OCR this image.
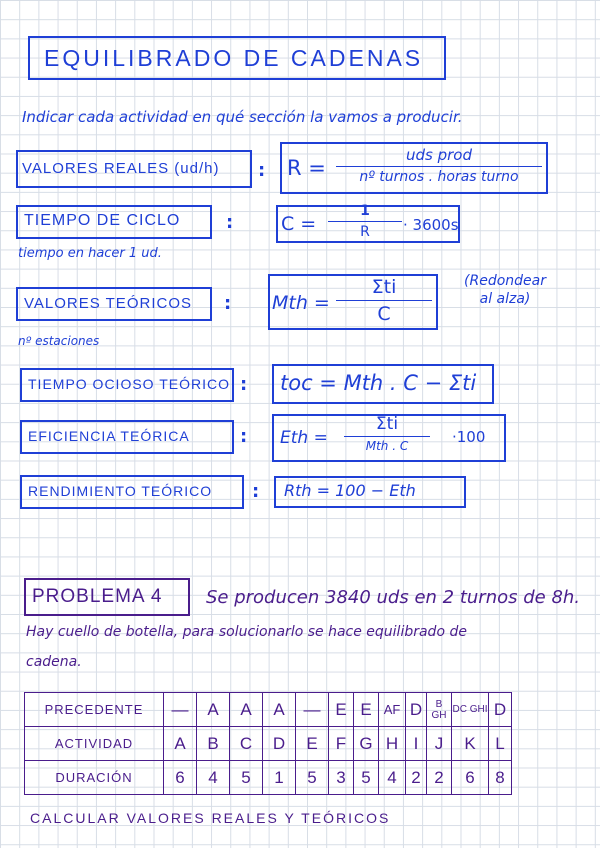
EQUILIBRADO DE CADENAS
Indicar cada actividad en qué sección la vamos a producir.
VALORES REALES (ud/h) : R =
uds prod
nº turnos . horas turno
TIEMPO DE CICLO	:	C =
1
R · 3600s
tiempo en hacer 1 ud.
VALORES TEÓRICOS : Mth =
Σti
C
(Redondear al alza)
nº estaciones
TIEMPO OCIOSO TEÓRICO : toc = Mth . C − Σti
EFICIENCIA TEÓRICA	: Eth =
Σti
Mth . C	·100
RENDIMIENTO TEÓRICO : Rth = 100 − Eth
PROBLEMA 4 Se producen 3840 uds en 2 turnos de 8h.
Hay cuello de botella, para solucionarlo se hace equilibrado de
cadena.
PRECEDENTE	—	A	A	A	—	E	E	AF	D	B GH	DC GHI	D
ACTIVIDAD	A	B	C	D	E	F	G	H	I	J	K	L
DURACIÓN	6	4	5	1	5	3	5	4	2	2	6	8
CALCULAR VALORES REALES Y TEÓRICOS
